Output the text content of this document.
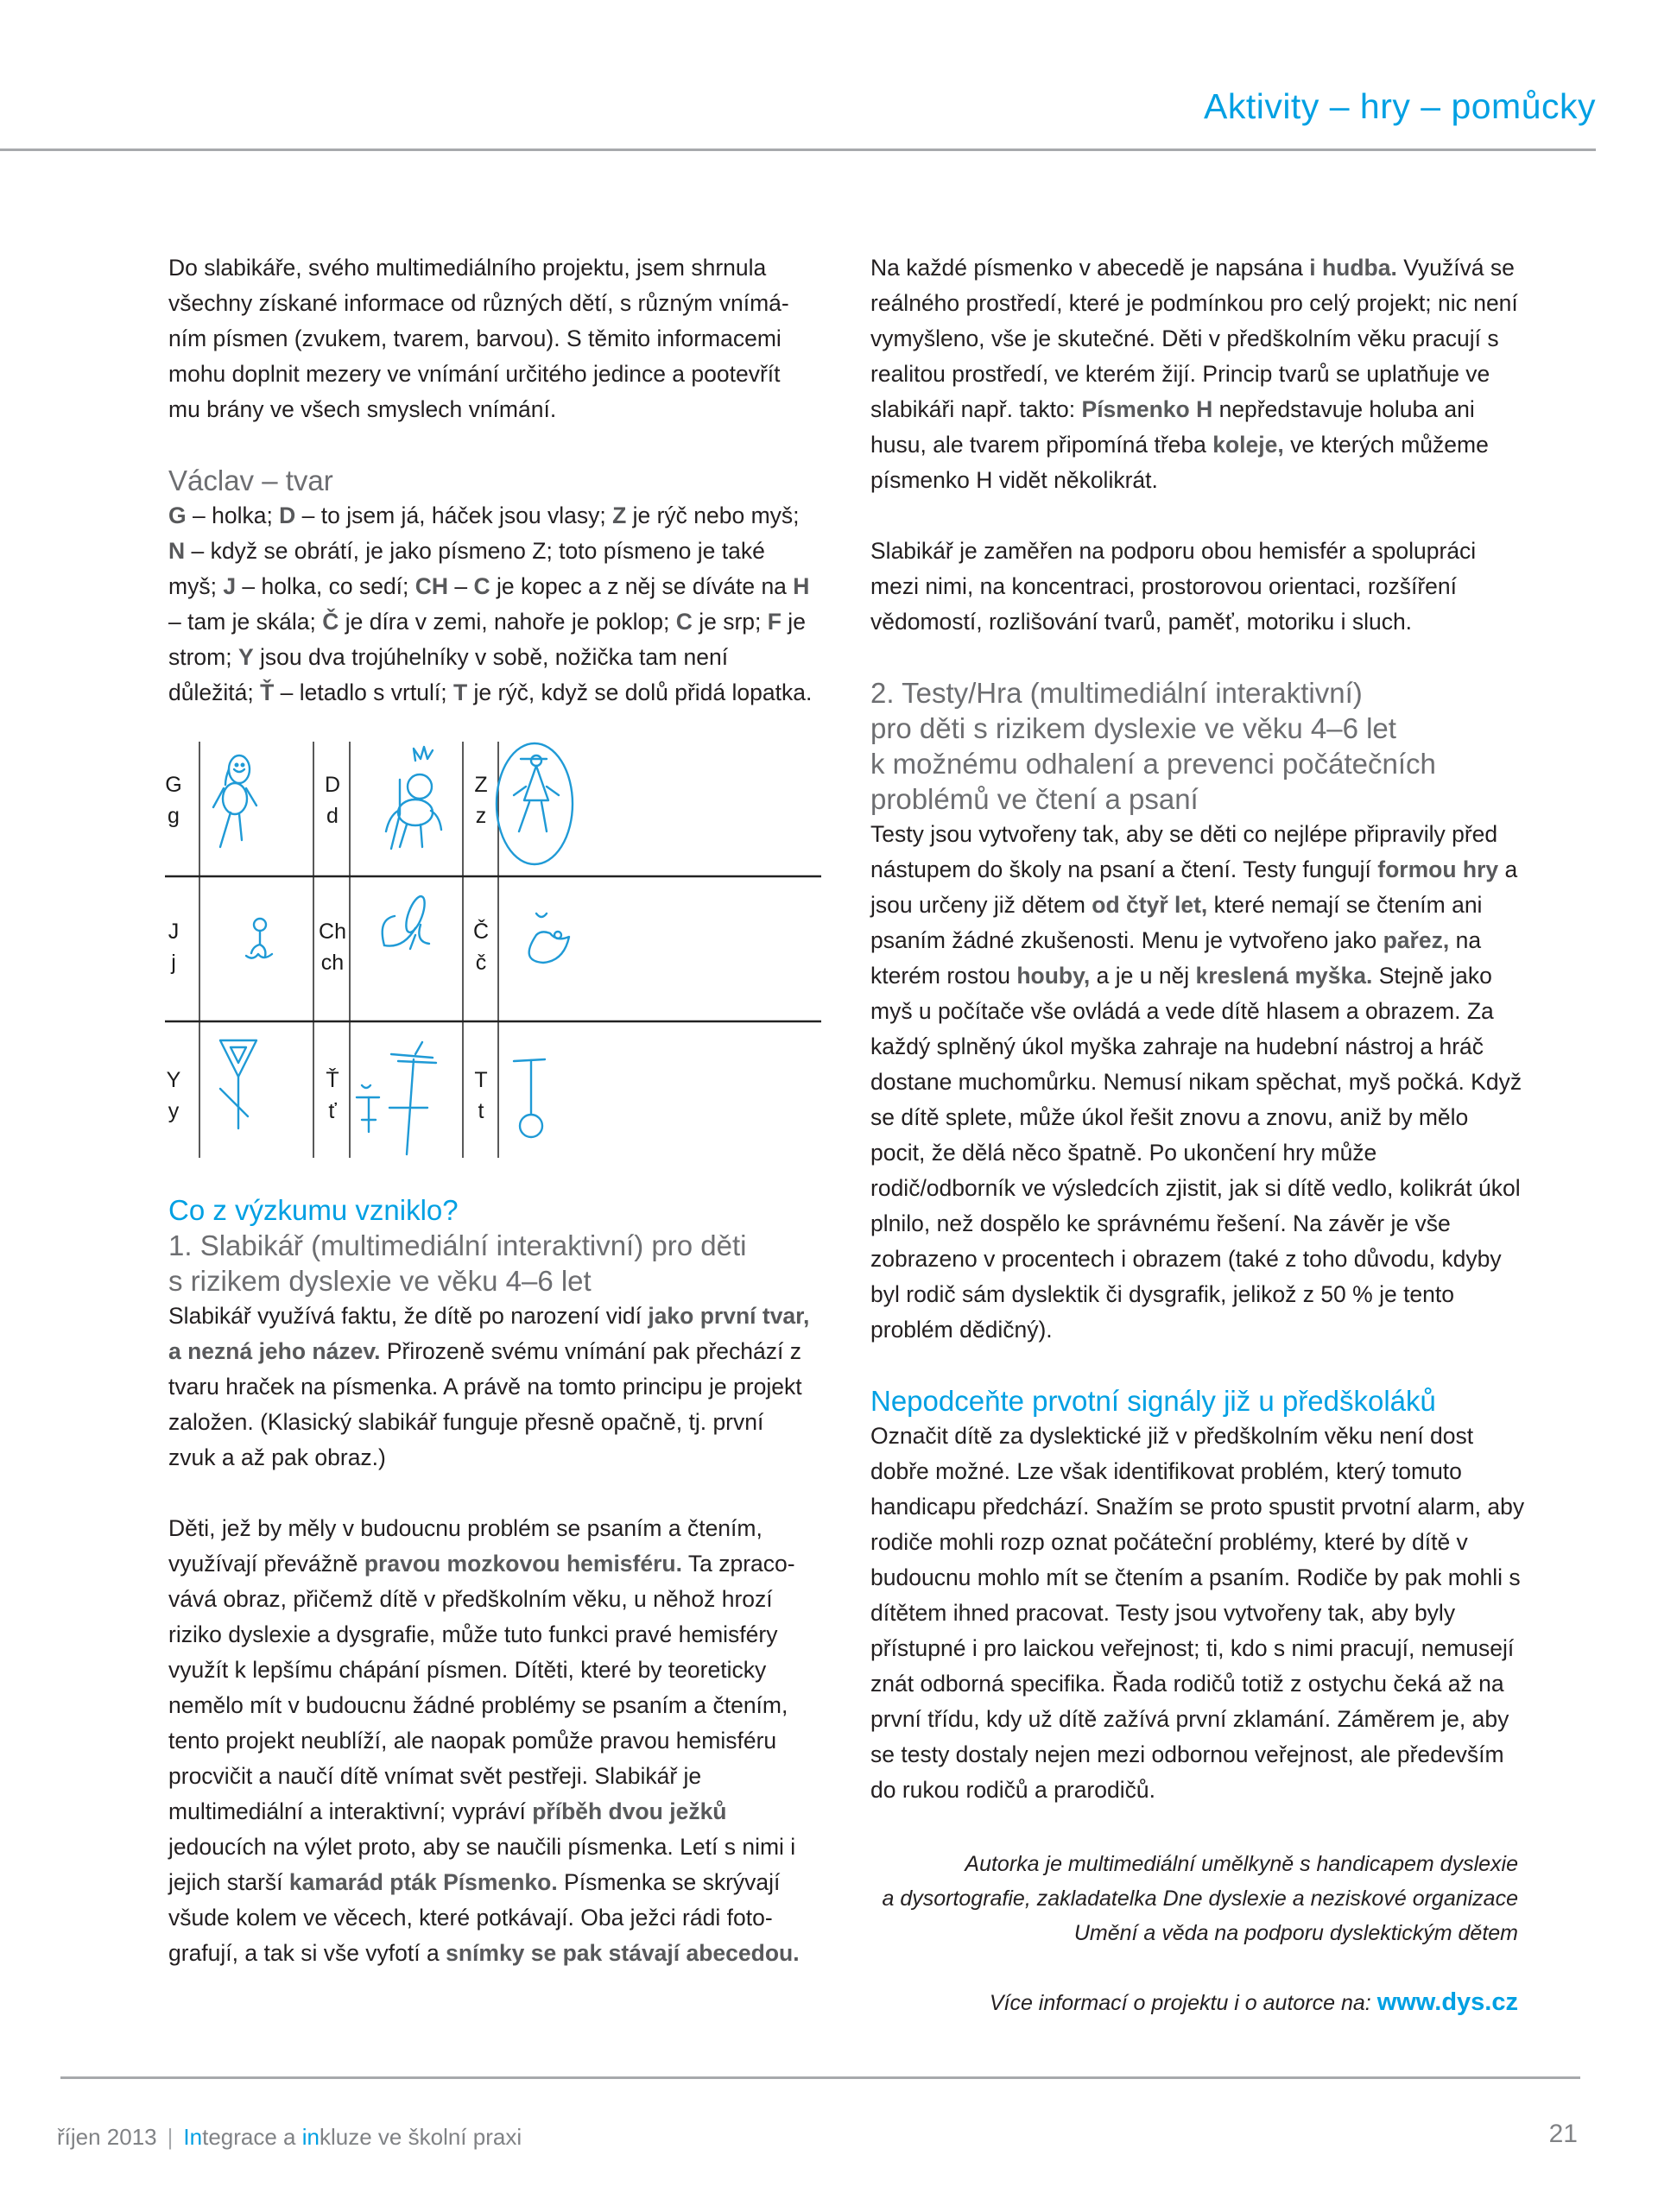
Aktivity – hry – pomůcky

Do slabikáře, svého multimediálního projektu, jsem shrnula všechny získané informace od různých dětí, s různým vnímáním písmen (zvukem, tvarem, barvou). S těmito informacemi mohu doplnit mezery ve vnímání určitého jedince a pootevřít mu brány ve všech smyslech vnímání.

Václav – tvar

G – holka; D – to jsem já, háček jsou vlasy; Z je rýč nebo myš; N – když se obrátí, je jako písmeno Z; toto písmeno je také myš; J – holka, co sedí; CH – C je kopec a z něj se díváte na H – tam je skála; Č je díra v zemi, nahoře je poklop; C je srp; F je strom; Y jsou dva trojúhelníky v sobě, nožička tam není důležitá; Ť – letadlo s vrtulí; T je rýč, když se dolů přidá lopatka.

G
g
D
d
Z
z
J
j
Ch
ch
Č
č
Y
y
Ť
ť
T
t
Co z výzkumu vzniklo?
1. Slabikář (multimediální interaktivní) pro děti
s rizikem dyslexie ve věku 4–6 let

Slabikář využívá faktu, že dítě po narození vidí jako první tvar, a nezná jeho název. Přirozeně svému vnímání pak přechází z tvaru hraček na písmenka. A právě na tomto principu je projekt založen. (Klasický slabikář funguje přesně opačně, tj. první zvuk a až pak obraz.)

Děti, jež by měly v budoucnu problém se psaním a čtením, využívají převážně pravou mozkovou hemisféru. Ta zpracovává obraz, přičemž dítě v předškolním věku, u něhož hrozí riziko dyslexie a dysgrafie, může tuto funkci pravé hemisféry využít k lepšímu chápání písmen. Dítěti, které by teoreticky nemělo mít v budoucnu žádné problémy se psaním a čtením, tento projekt neublíží, ale naopak pomůže pravou hemisféru procvičit a naučí dítě vnímat svět pestřeji. Slabikář je multimediální a interaktivní; vypráví příběh dvou ježků jedoucích na výlet proto, aby se naučili písmenka. Letí s nimi i jejich starší kamarád pták Písmenko. Písmenka se skrývají všude kolem ve věcech, které potkávají. Oba ježci rádi fotografují, a tak si vše vyfotí a snímky se pak stávají abecedou.

Na každé písmenko v abecedě je napsána i hudba. Využívá se reálného prostředí, které je podmínkou pro celý projekt; nic není vymyšleno, vše je skutečné. Děti v předškolním věku pracují s realitou prostředí, ve kterém žijí. Princip tvarů se uplatňuje ve slabikáři např. takto: Písmenko H nepředstavuje holuba ani husu, ale tvarem připomíná třeba koleje, ve kterých můžeme písmenko H vidět několikrát.

Slabikář je zaměřen na podporu obou hemisfér a spolupráci mezi nimi, na koncentraci, prostorovou orientaci, rozšíření vědomostí, rozlišování tvarů, paměť, motoriku i sluch.

2. Testy/Hra (multimediální interaktivní)
pro děti s rizikem dyslexie ve věku 4–6 let
k možnému odhalení a prevenci počátečních
problémů ve čtení a psaní

Testy jsou vytvořeny tak, aby se děti co nejlépe připravily před nástupem do školy na psaní a čtení. Testy fungují formou hry a jsou určeny již dětem od čtyř let, které nemají se čtením ani psaním žádné zkušenosti. Menu je vytvořeno jako pařez, na kterém rostou houby, a je u něj kreslená myška. Stejně jako myš u počítače vše ovládá a vede dítě hlasem a obrazem. Za každý splněný úkol myška zahraje na hudební nástroj a hráč dostane muchomůrku. Nemusí nikam spěchat, myš počká. Když se dítě splete, může úkol řešit znovu a znovu, aniž by mělo pocit, že dělá něco špatně. Po ukončení hry může rodič/odborník ve výsledcích zjistit, jak si dítě vedlo, kolikrát úkol plnilo, než dospělo ke správnému řešení. Na závěr je vše zobrazeno v procentech i obrazem (také z toho důvodu, kdyby byl rodič sám dyslektik či dysgrafik, jelikož z 50 % je tento problém dědičný).

Nepodceňte prvotní signály již u předškoláků

Označit dítě za dyslektické již v předškolním věku není dost dobře možné. Lze však identifikovat problém, který tomuto handicapu předchází. Snažím se proto spustit prvotní alarm, aby rodiče mohli rozp oznat počáteční problémy, které by dítě v budoucnu mohlo mít se čtením a psaním. Rodiče by pak mohli s dítětem ihned pracovat. Testy jsou vytvořeny tak, aby byly přístupné i pro laickou veřejnost; ti, kdo s nimi pracují, nemusejí znát odborná specifika. Řada rodičů totiž z ostychu čeká až na první třídu, kdy už dítě zažívá první zklamání. Záměrem je, aby se testy dostaly nejen mezi odbornou veřejnost, ale především do rukou rodičů a prarodičů.

Autorka je multimediální umělkyně s handicapem dyslexie
a dysortografie, zakladatelka Dne dyslexie a neziskové organizace
Umění a věda na podporu dyslektickým dětem
Více informací o projektu i o autorce na: www.dys.cz
říjen 2013 | Integrace a inkluze ve školní praxi	21
